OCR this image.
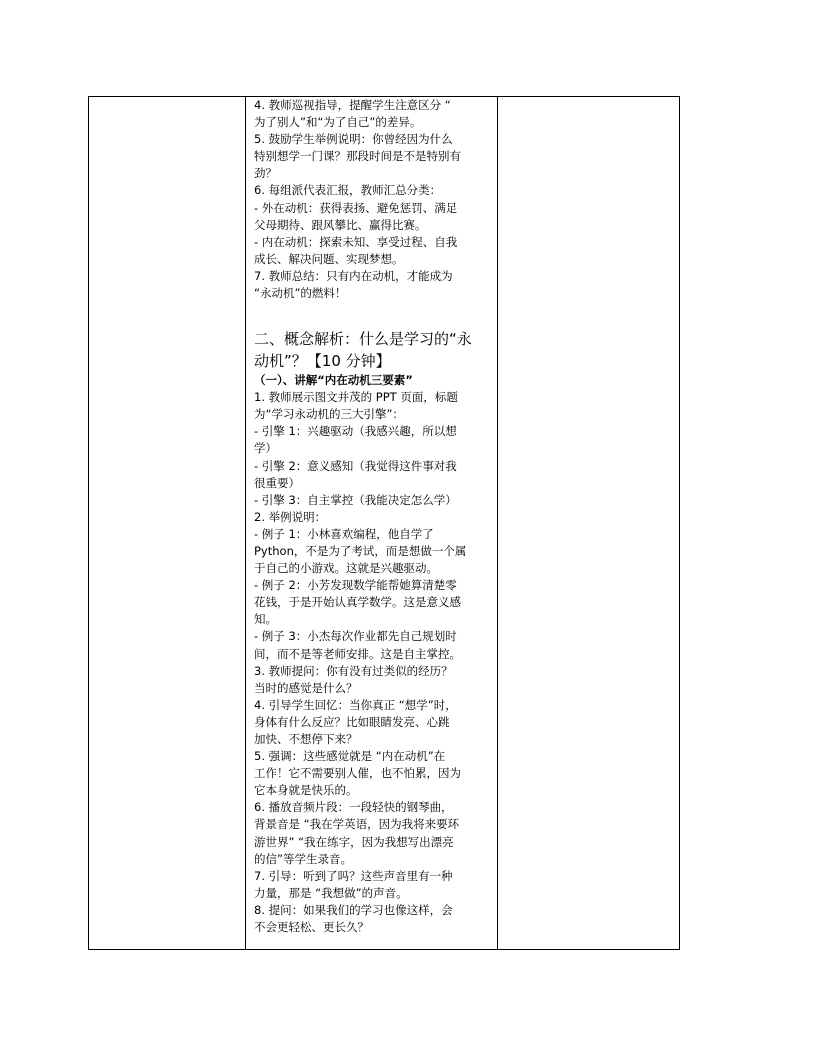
4. 教师巡视指导，提醒学生注意区分 “
为了别人”和“为了自己”的差异。

5. 鼓励学生举例说明：你曾经因为什么
特别想学一门课？那段时间是不是特别有
劲？

6. 每组派代表汇报，教师汇总分类：

- 外在动机：获得表扬、避免惩罚、满足
父母期待、跟风攀比、赢得比赛。

- 内在动机：探索未知、享受过程、自我
成长、解决问题、实现梦想。

7. 教师总结：只有内在动机，才能成为
“永动机”的燃料！

二、概念解析：什么是学习的“永
动机”？【10 分钟】

（一）、讲解“内在动机三要素”

1. 教师展示图文并茂的 PPT 页面，标题
为“学习永动机的三大引擎”：

- 引擎 1：兴趣驱动（我感兴趣，所以想
学）

- 引擎 2：意义感知（我觉得这件事对我
很重要）

- 引擎 3：自主掌控（我能决定怎么学）

2. 举例说明：

- 例子 1：小林喜欢编程，他自学了
Python，不是为了考试，而是想做一个属
于自己的小游戏。这就是兴趣驱动。

- 例子 2：小芳发现数学能帮她算清楚零
花钱，于是开始认真学数学。这是意义感
知。

- 例子 3：小杰每次作业都先自己规划时
间，而不是等老师安排。这是自主掌控。

3. 教师提问：你有没有过类似的经历？
当时的感觉是什么？

4. 引导学生回忆：当你真正 “想学”时，
身体有什么反应？比如眼睛发亮、心跳
加快、不想停下来？

5. 强调：这些感觉就是 “内在动机”在
工作！它不需要别人催，也不怕累，因为
它本身就是快乐的。

6. 播放音频片段：一段轻快的钢琴曲，
背景音是 “我在学英语，因为我将来要环
游世界” “我在练字，因为我想写出漂亮
的信”等学生录音。

7. 引导：听到了吗？这些声音里有一种
力量，那是 “我想做”的声音。

8. 提问：如果我们的学习也像这样，会
不会更轻松、更长久？
